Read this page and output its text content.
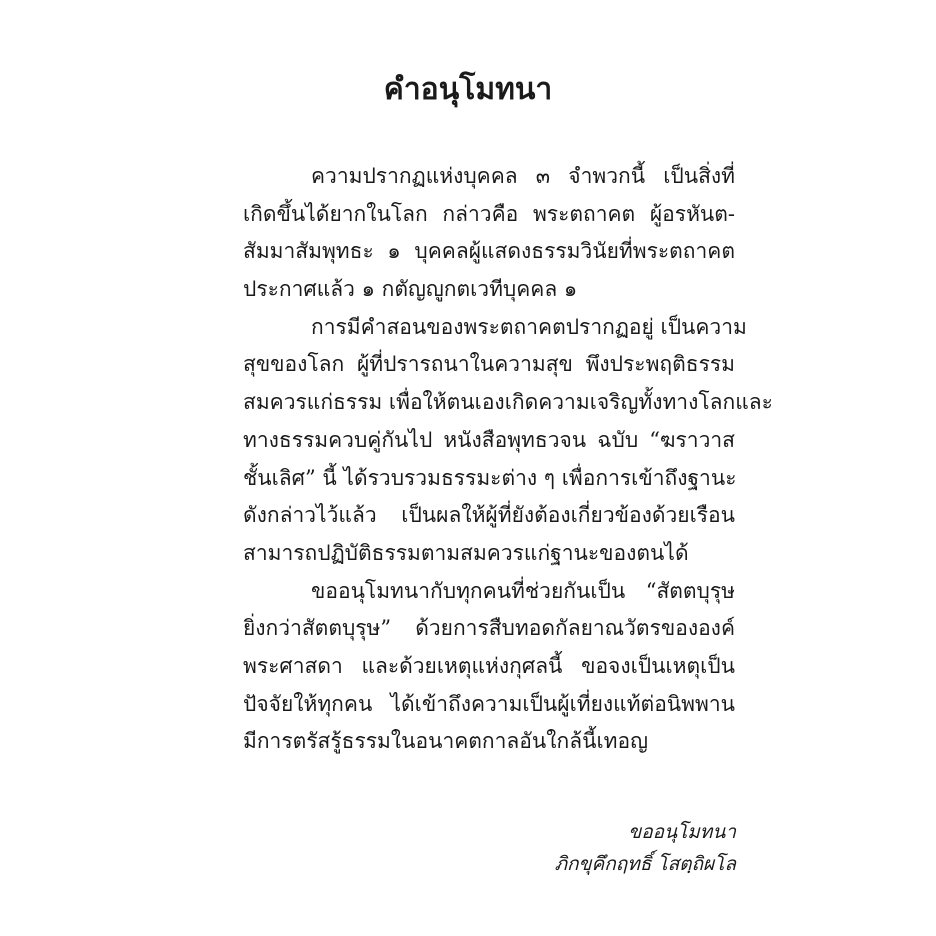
คำอนุโมทนา
ความปรากฏแห่งบุคคล ๓ จำพวกนี้ เป็นสิ่งที่
เกิดขึ้นได้ยากในโลก กล่าวคือ พระตถาคต ผู้อรหันต-
สัมมาสัมพุทธะ ๑ บุคคลผู้แสดงธรรมวินัยที่พระตถาคต
ประกาศแล้ว ๑ กตัญญูกตเวทีบุคคล ๑
การมีคำสอนของพระตถาคตปรากฏอยู่ เป็นความ
สุขของโลก ผู้ที่ปรารถนาในความสุข พึงประพฤติธรรม
สมควรแก่ธรรม เพื่อให้ตนเองเกิดความเจริญทั้งทางโลกและ
ทางธรรมควบคู่กันไป หนังสือพุทธวจน ฉบับ “ฆราวาส
ชั้นเลิศ” นี้ ได้รวบรวมธรรมะต่าง ๆ เพื่อการเข้าถึงฐานะ
ดังกล่าวไว้แล้ว เป็นผลให้ผู้ที่ยังต้องเกี่ยวข้องด้วยเรือน
สามารถปฏิบัติธรรมตามสมควรแก่ฐานะของตนได้
ขออนุโมทนากับทุกคนที่ช่วยกันเป็น “สัตตบุรุษ
ยิ่งกว่าสัตตบุรุษ” ด้วยการสืบทอดกัลยาณวัตรขององค์
พระศาสดา และด้วยเหตุแห่งกุศลนี้ ขอจงเป็นเหตุเป็น
ปัจจัยให้ทุกคน ได้เข้าถึงความเป็นผู้เที่ยงแท้ต่อนิพพาน
มีการตรัสรู้ธรรมในอนาคตกาลอันใกล้นี้เทอญ
ขออนุโมทนา
ภิกขุคึกฤทธิ์ โสตฺถิผโล
